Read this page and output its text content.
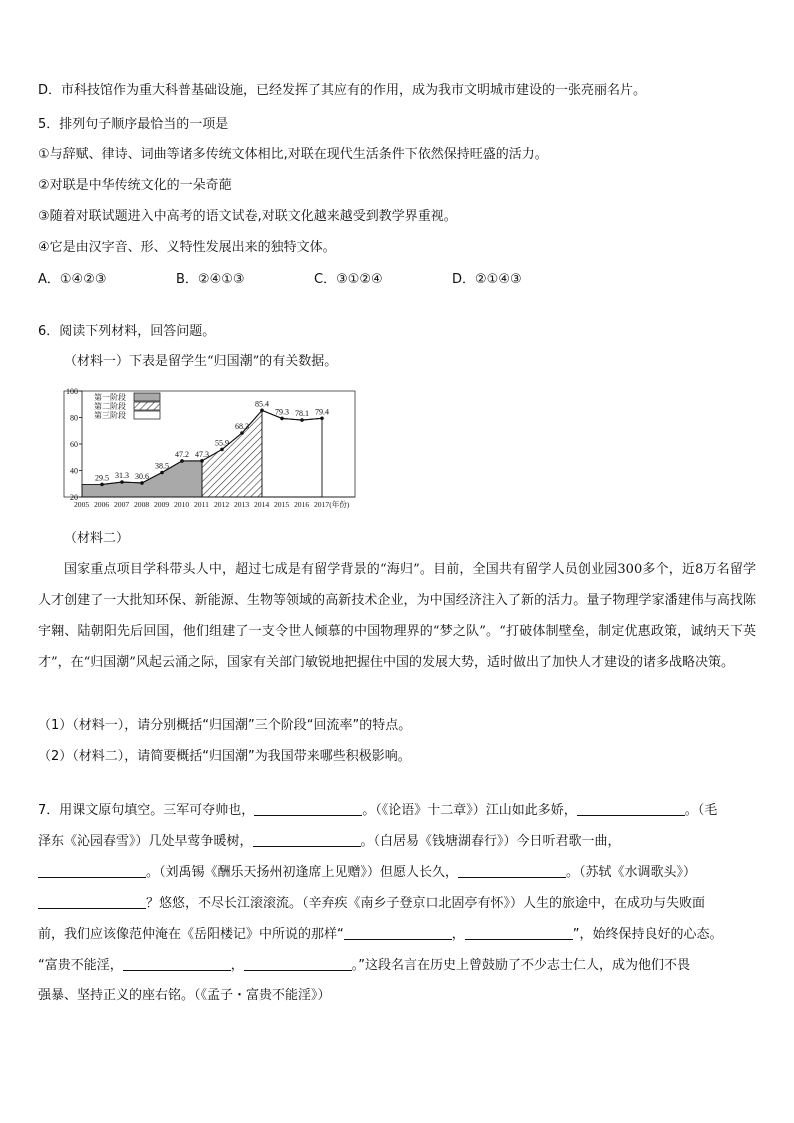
D．市科技馆作为重大科普基础设施，已经发挥了其应有的作用，成为我市文明城市建设的一张亮丽名片。
5．排列句子顺序最恰当的一项是
①与辞赋、律诗、词曲等诸多传统文体相比,对联在现代生活条件下依然保持旺盛的活力。
②对联是中华传统文化的一朵奇葩
③随着对联试题进入中高考的语文试卷,对联文化越来越受到教学界重视。
④它是由汉字音、形、义特性发展出来的独特文体。
A．①④②③	B．②④①③	C．③①②④	D．②①④③
6．阅读下列材料，回答问题。
（材料一）下表是留学生“归国潮”的有关数据。
29.5 31.3 30.6
38.5
47.2 47.3
55.9
68.3
85.4
79.3 78.1 79.4
20
40
60
80
100
2005 2006 2007 2008 2009 2010 2011 2012 2013 2014 2015 2016 2017(年份)
第一阶段
第二阶段
第三阶段
（材料二）
国家重点项目学科带头人中，超过七成是有留学背景的“海归”。目前，全国共有留学人员创业园300多个，近8万名留学人才创建了一大批知环保、新能源、生物等领域的高新技术企业，为中国经济注入了新的活力。量子物理学家潘建伟与高找陈宇翱、陆朝阳先后回国，他们组建了一支令世人倾慕的中国物理界的“梦之队”。“打破体制壁垒，制定优惠政策，诚纳天下英才”，在“归国潮”风起云涌之际，国家有关部门敏锐地把握住中国的发展大势，适时做出了加快人才建设的诸多战略决策。
（1）（材料一），请分别概括“归国潮”三个阶段“回流率”的特点。
（2）（材料二），请简要概括“归国潮”为我国带来哪些积极影响。
7．用课文原句填空。三军可夺帅也，	。（《论语》十二章》）江山如此多娇，	。（毛
泽东《沁园春雪》）几处早莺争暖树，	。（白居易《钱塘湖春行》）今日听君歌一曲，
。（刘禹锡《酬乐天扬州初逢席上见赠》）但愿人长久，	。（苏轼《水调歌头》）
？悠悠，不尽长江滚滚流。（辛弃疾《南乡子登京口北固亭有怀》）人生的旅途中，在成功与失败面
前，我们应该像范仲淹在《岳阳楼记》中所说的那样“	，	”，始终保持良好的心态。
“富贵不能淫，	，	。”这段名言在历史上曾鼓励了不少志士仁人，成为他们不畏
强暴、坚持正义的座右铭。（《孟子・富贵不能淫》）
